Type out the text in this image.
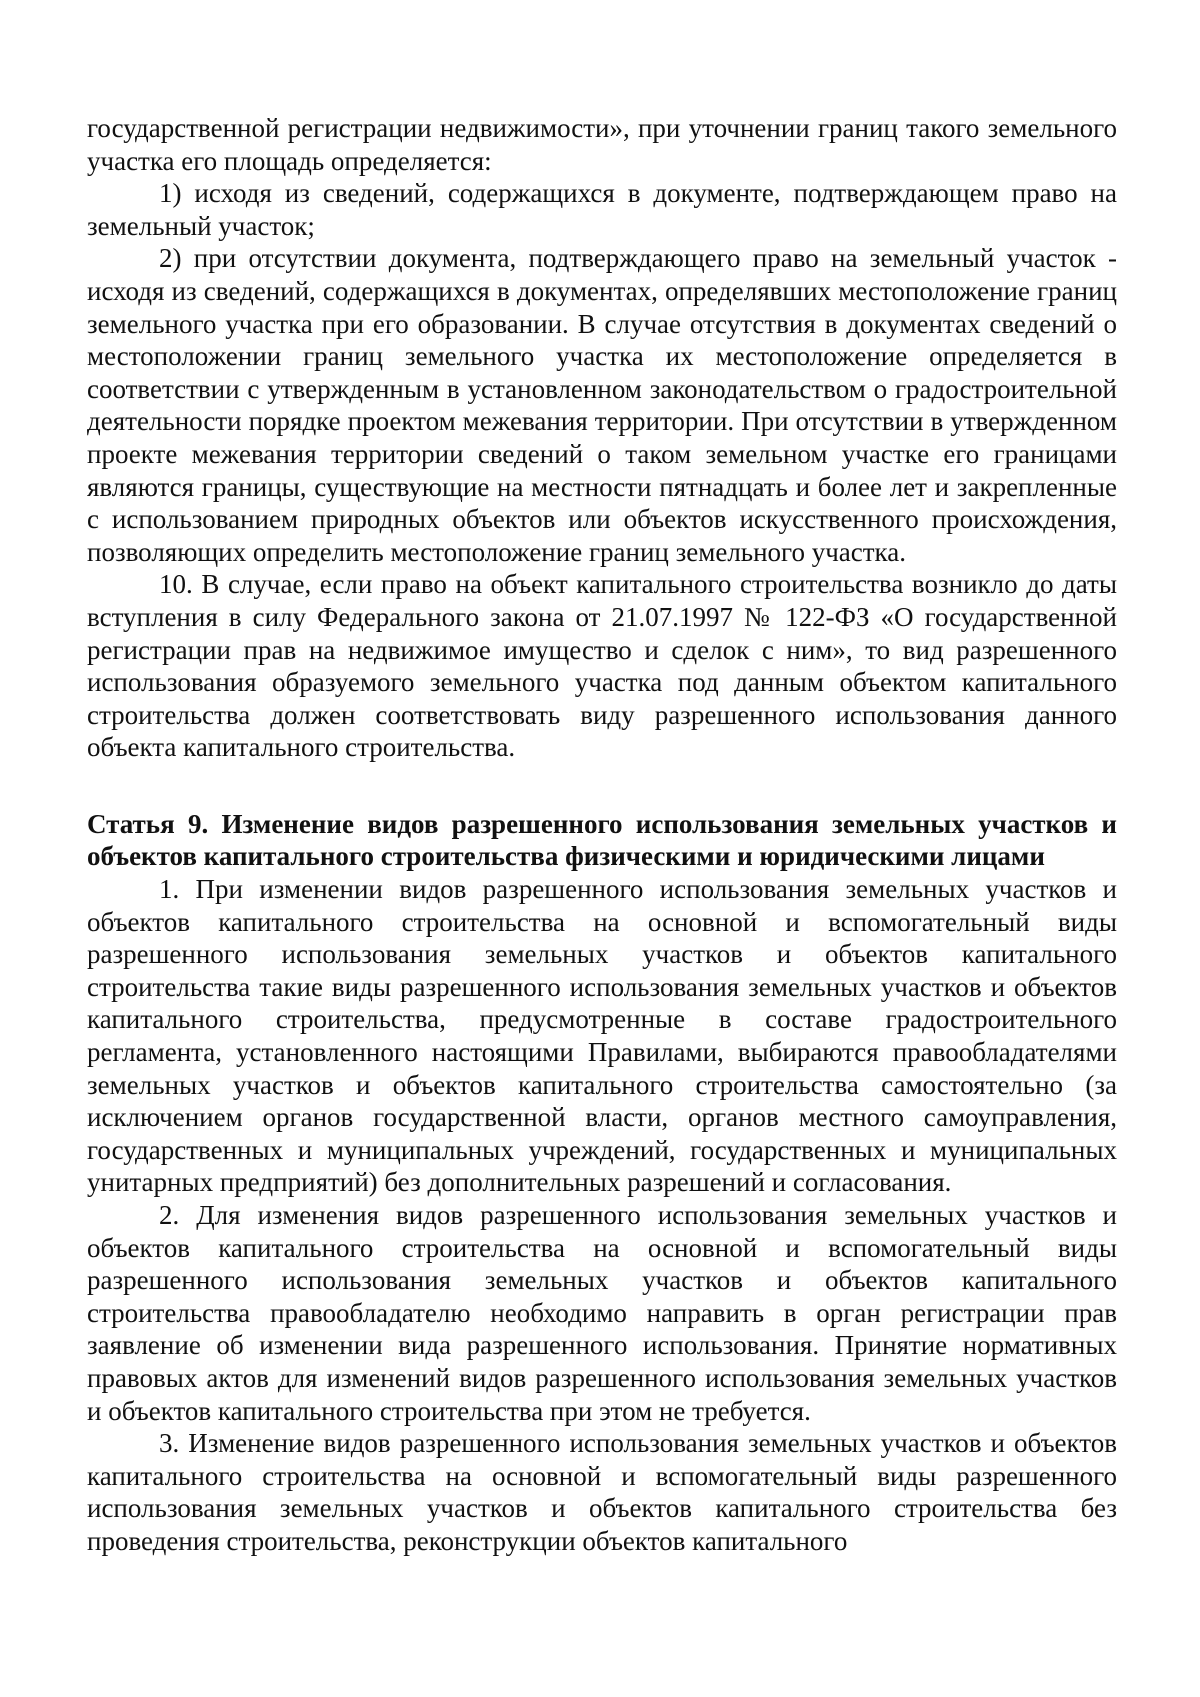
государственной регистрации недвижимости», при уточнении границ такого земельного участка его площадь определяется:

1) исходя из сведений, содержащихся в документе, подтверждающем право на земельный участок;

2) при отсутствии документа, подтверждающего право на земельный участок - исходя из сведений, содержащихся в документах, определявших местоположение границ земельного участка при его образовании. В случае отсутствия в документах сведений о местоположении границ земельного участка их местоположение определяется в соответствии с утвержденным в установленном законодательством о градостроительной деятельности порядке проектом межевания территории. При отсутствии в утвержденном проекте межевания территории сведений о таком земельном участке его границами являются границы, существующие на местности пятнадцать и более лет и закрепленные с использованием природных объектов или объектов искусственного происхождения, позволяющих определить местоположение границ земельного участка.

10. В случае, если право на объект капитального строительства возникло до даты вступления в силу Федерального закона от 21.07.1997 № 122-ФЗ «О государственной регистрации прав на недвижимое имущество и сделок с ним», то вид разрешенного использования образуемого земельного участка под данным объектом капитального строительства должен соответствовать виду разрешенного использования данного объекта капитального строительства.

Статья 9. Изменение видов разрешенного использования земельных участков и объектов капитального строительства физическими и юридическими лицами

1. При изменении видов разрешенного использования земельных участков и объектов капитального строительства на основной и вспомогательный виды разрешенного использования земельных участков и объектов капитального строительства такие виды разрешенного использования земельных участков и объектов капитального строительства, предусмотренные в составе градостроительного регламента, установленного настоящими Правилами, выбираются правообладателями земельных участков и объектов капитального строительства самостоятельно (за исключением органов государственной власти, органов местного самоуправления, государственных и муниципальных учреждений, государственных и муниципальных унитарных предприятий) без дополнительных разрешений и согласования.

2. Для изменения видов разрешенного использования земельных участков и объектов капитального строительства на основной и вспомогательный виды разрешенного использования земельных участков и объектов капитального строительства правообладателю необходимо направить в орган регистрации прав заявление об изменении вида разрешенного использования. Принятие нормативных правовых актов для изменений видов разрешенного использования земельных участков и объектов капитального строительства при этом не требуется.

3. Изменение видов разрешенного использования земельных участков и объектов капитального строительства на основной и вспомогательный виды разрешенного использования земельных участков и объектов капитального строительства без проведения строительства, реконструкции объектов капитального
